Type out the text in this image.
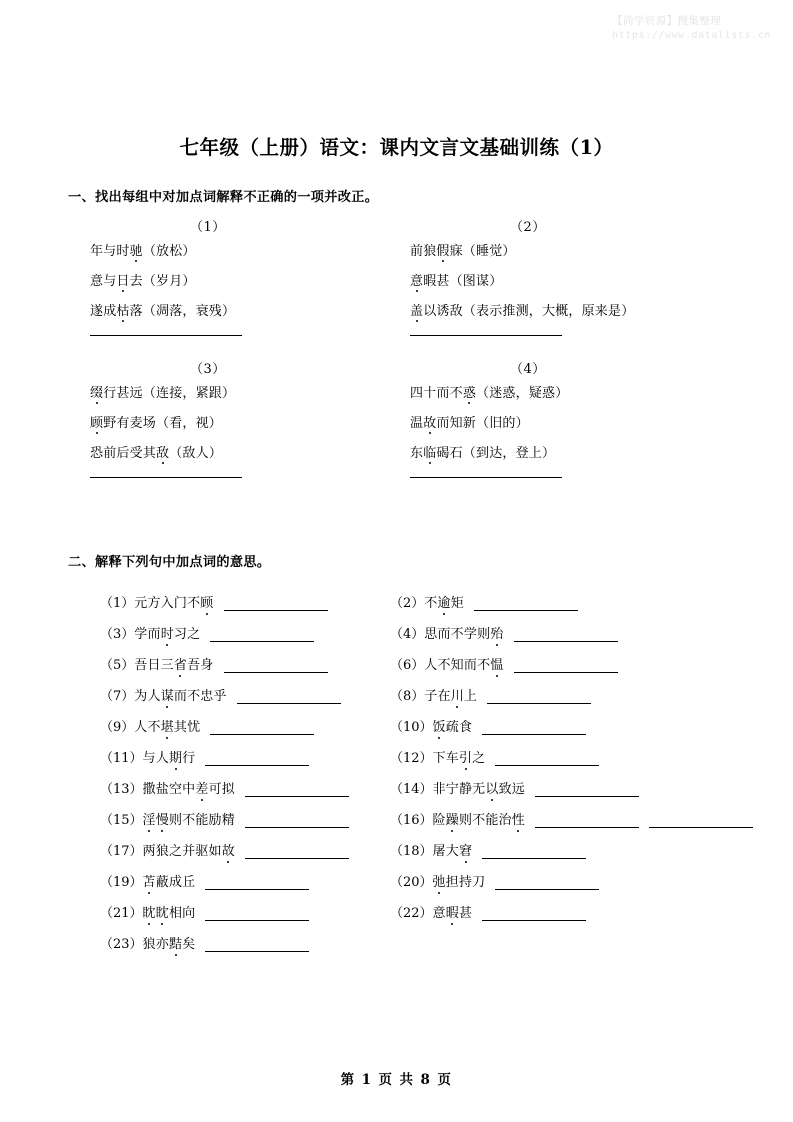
【尚学资源】搜集整理
https://www.datalists.cn
七年级（上册）语文：课内文言文基础训练（1）
一、找出每组中对加点词解释不正确的一项并改正。
（1）
年与时驰（放松）
意与日去（岁月）
遂成枯落（凋落，衰残）
（2）
前狼假寐（睡觉）
意暇甚（图谋）
盖以诱敌（表示推测，大概，原来是）
（3）
缀行甚远（连接，紧跟）
顾野有麦场（看，视）
恐前后受其敌（敌人）
（4）
四十而不惑（迷惑，疑惑）
温故而知新（旧的）
东临碣石（到达，登上）
二、解释下列句中加点词的意思。
（1） 元方入门不顾	（2） 不逾矩
（3） 学而时习之	（4） 思而不学则殆
（5） 吾日三省吾身	（6） 人不知而不愠
（7） 为人谋而不忠乎	（8） 子在川上
（9） 人不堪其忧	（10） 饭疏食
（11） 与人期行	（12） 下车引之
（13） 撒盐空中差可拟	（14） 非宁静无以致远
（15） 淫慢则不能励精	（16） 险躁则不能治性
（17） 两狼之并驱如故	（18） 屠大窘
（19） 苫蔽成丘	（20） 弛担持刀
（21） 眈眈相向	（22） 意暇甚
（23） 狼亦黠矣
第 1 页 共 8 页
